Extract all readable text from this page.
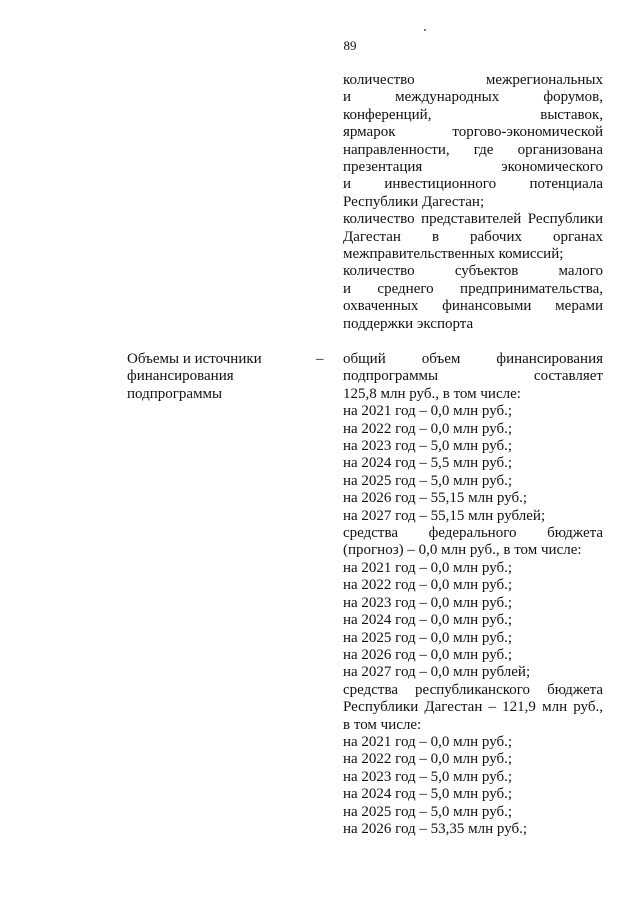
89
количество межрегиональных
и международных форумов,
конференций, выставок,
ярмарок торгово-экономической
направленности, где организована
презентация экономического
и инвестиционного потенциала
Республики Дагестан;
количество представителей Республики
Дагестан в рабочих органах
межправительственных комиссий;
количество субъектов малого
и среднего предпринимательства,
охваченных финансовыми мерами
поддержки экспорта
Объемы и источники
финансирования
подпрограммы
– общий объем финансирования
подпрограммы составляет
125,8 млн руб., в том числе:
на 2021 год – 0,0 млн руб.;
на 2022 год – 0,0 млн руб.;
на 2023 год – 5,0 млн руб.;
на 2024 год – 5,5 млн руб.;
на 2025 год – 5,0 млн руб.;
на 2026 год – 55,15 млн руб.;
на 2027 год – 55,15 млн рублей;
средства федерального бюджета
(прогноз) – 0,0 млн руб., в том числе:
на 2021 год – 0,0 млн руб.;
на 2022 год – 0,0 млн руб.;
на 2023 год – 0,0 млн руб.;
на 2024 год – 0,0 млн руб.;
на 2025 год – 0,0 млн руб.;
на 2026 год – 0,0 млн руб.;
на 2027 год – 0,0 млн рублей;
средства республиканского бюджета
Республики Дагестан – 121,9 млн руб.,
в том числе:
на 2021 год – 0,0 млн руб.;
на 2022 год – 0,0 млн руб.;
на 2023 год – 5,0 млн руб.;
на 2024 год – 5,0 млн руб.;
на 2025 год – 5,0 млн руб.;
на 2026 год – 53,35 млн руб.;
